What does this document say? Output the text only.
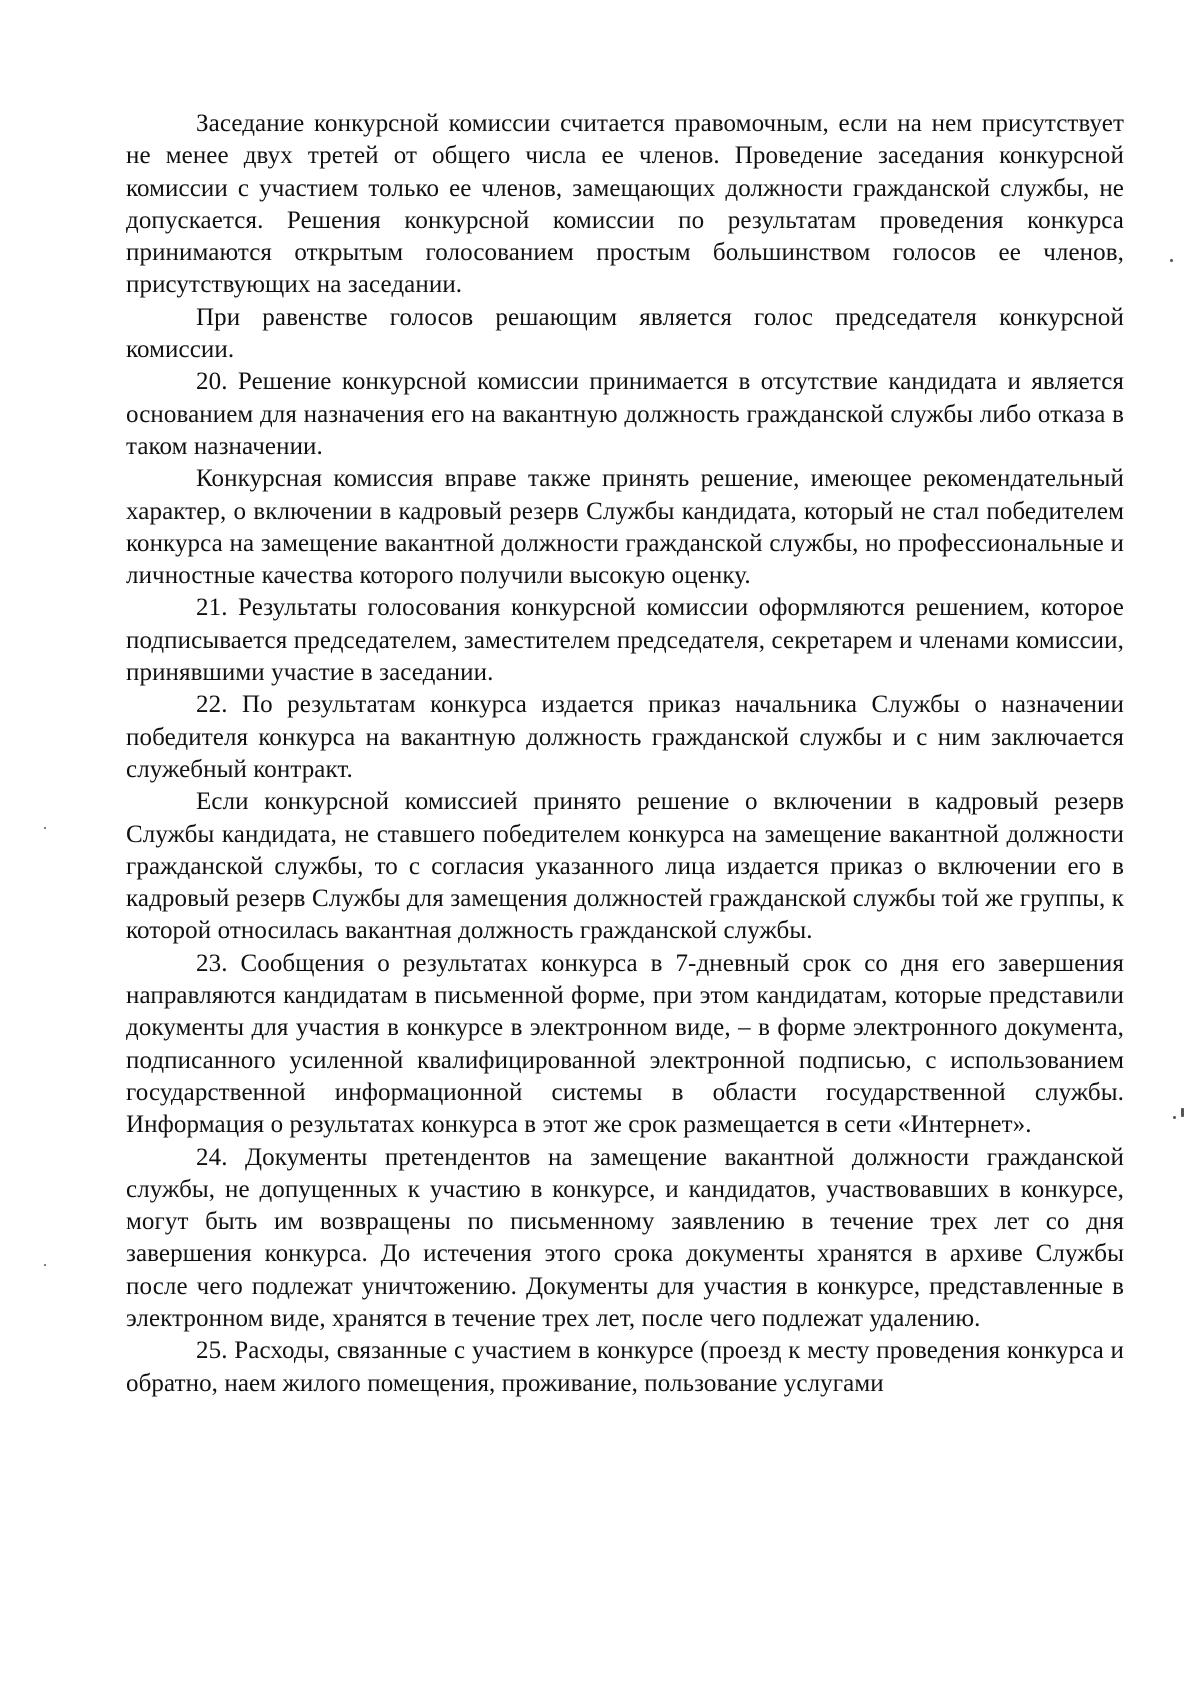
Заседание конкурсной комиссии считается правомочным, если на нем присутствует не менее двух третей от общего числа ее членов. Проведение заседания конкурсной комиссии с участием только ее членов, замещающих должности гражданской службы, не допускается. Решения конкурсной комиссии по результатам проведения конкурса принимаются открытым голосованием простым большинством голосов ее членов, присутствующих на заседании.

При равенстве голосов решающим является голос председателя конкурсной комиссии.

20. Решение конкурсной комиссии принимается в отсутствие кандидата и является основанием для назначения его на вакантную должность гражданской службы либо отказа в таком назначении.

Конкурсная комиссия вправе также принять решение, имеющее рекомендательный характер, о включении в кадровый резерв Службы кандидата, который не стал победителем конкурса на замещение вакантной должности гражданской службы, но профессиональные и личностные качества которого получили высокую оценку.

21. Результаты голосования конкурсной комиссии оформляются решением, которое подписывается председателем, заместителем председателя, секретарем и членами комиссии, принявшими участие в заседании.

22. По результатам конкурса издается приказ начальника Службы о назначении победителя конкурса на вакантную должность гражданской службы и с ним заключается служебный контракт.

Если конкурсной комиссией принято решение о включении в кадровый резерв Службы кандидата, не ставшего победителем конкурса на замещение вакантной должности гражданской службы, то с согласия указанного лица издается приказ о включении его в кадровый резерв Службы для замещения должностей гражданской службы той же группы, к которой относилась вакантная должность гражданской службы.

23. Сообщения о результатах конкурса в 7-дневный срок со дня его завершения направляются кандидатам в письменной форме, при этом кандидатам, которые представили документы для участия в конкурсе в электронном виде, – в форме электронного документа, подписанного усиленной квалифицированной электронной подписью, с использованием государственной информационной системы в области государственной службы. Информация о результатах конкурса в этот же срок размещается в сети «Интернет».

24. Документы претендентов на замещение вакантной должности гражданской службы, не допущенных к участию в конкурсе, и кандидатов, участвовавших в конкурсе, могут быть им возвращены по письменному заявлению в течение трех лет со дня завершения конкурса. До истечения этого срока документы хранятся в архиве Службы после чего подлежат уничтожению. Документы для участия в конкурсе, представленные в электронном виде, хранятся в течение трех лет, после чего подлежат удалению.

25. Расходы, связанные с участием в конкурсе (проезд к месту проведения конкурса и обратно, наем жилого помещения, проживание, пользование услугами
